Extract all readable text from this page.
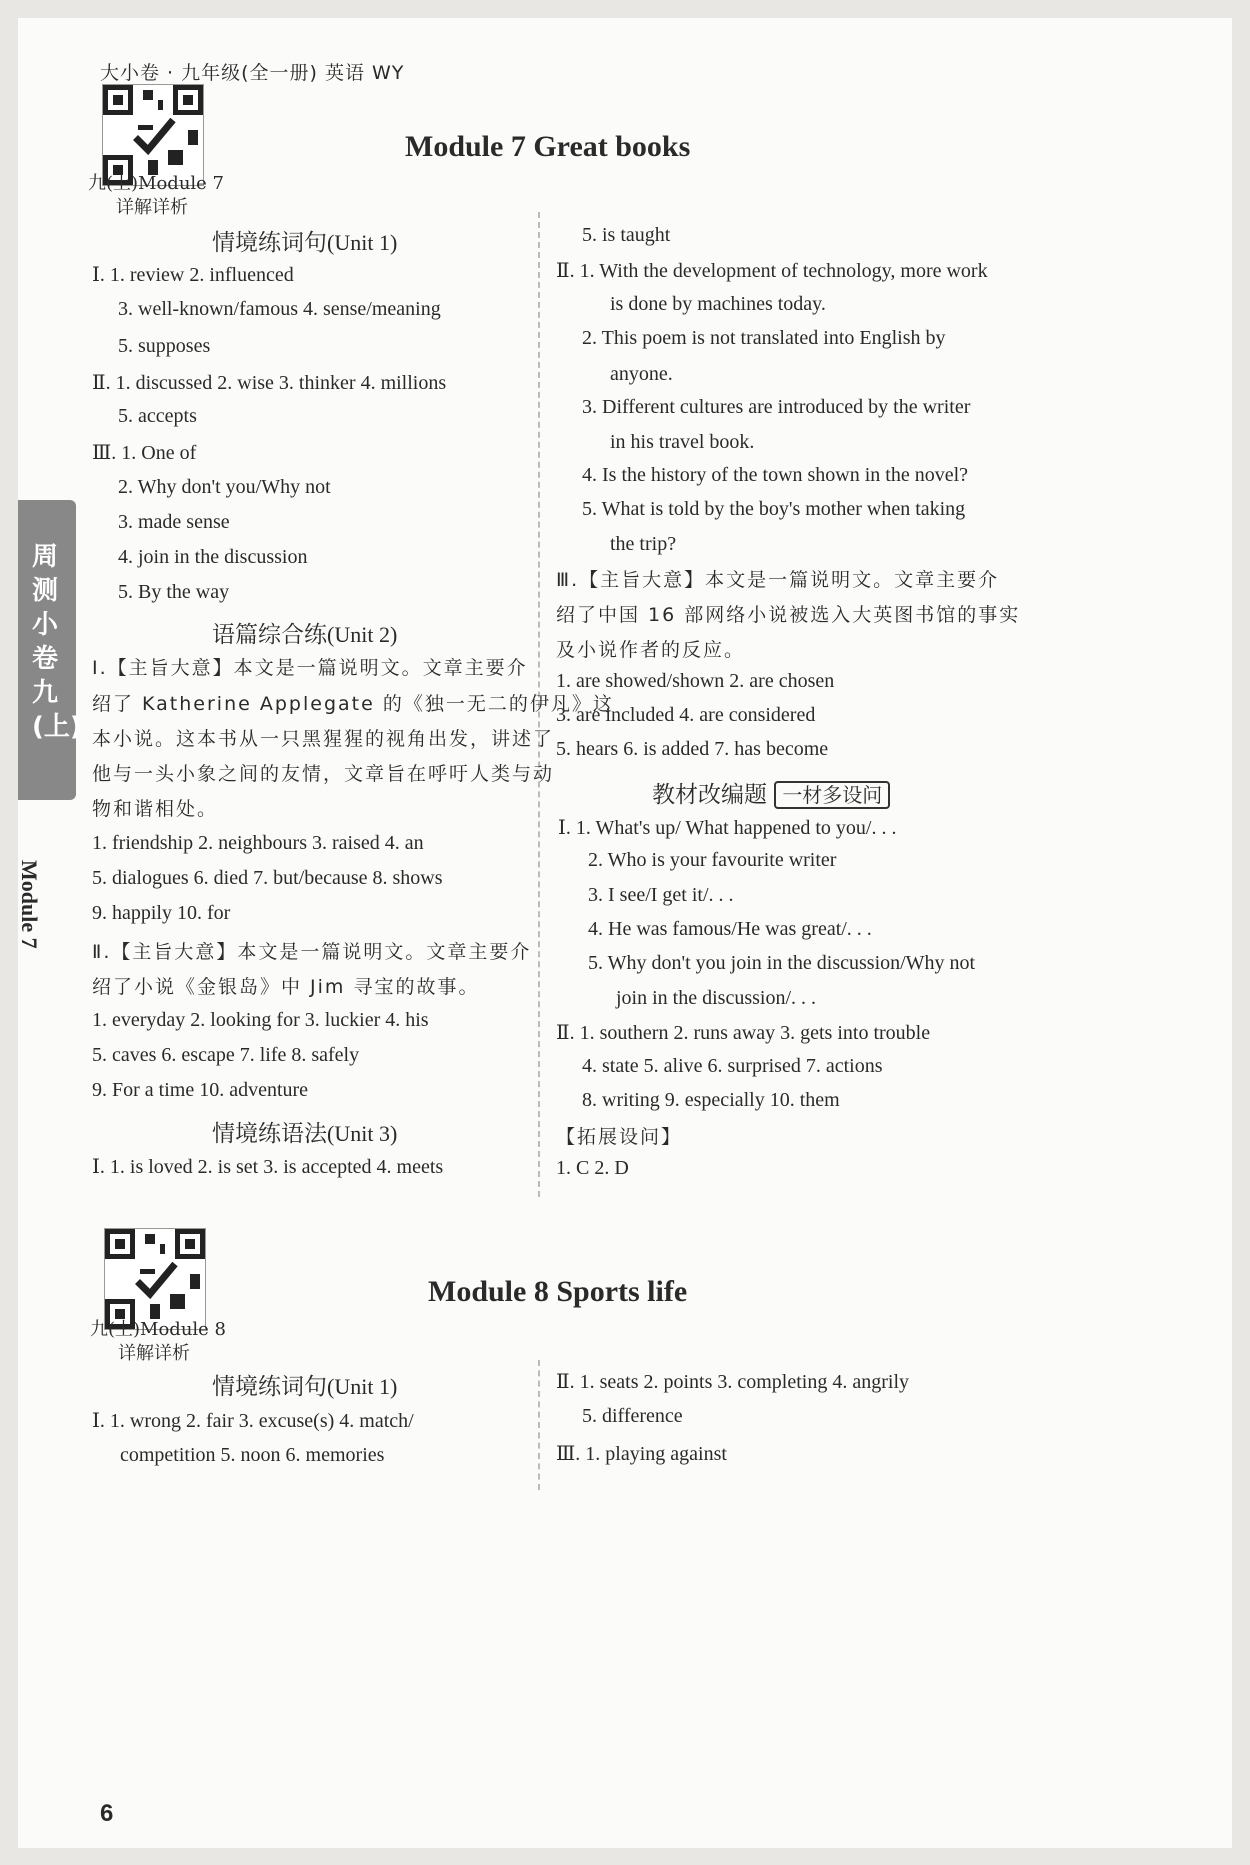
大小卷 · 九年级(全一册) 英语 WY
周测小卷九(上)
Module 7
九(上)Module 7
详解详析
Module 7 Great books
情境练词句(Unit 1)
Ⅰ. 1. review 2. influenced
3. well-known/famous 4. sense/meaning
5. supposes
Ⅱ. 1. discussed 2. wise 3. thinker 4. millions
5. accepts
Ⅲ. 1. One of
2. Why don't you/Why not
3. made sense
4. join in the discussion
5. By the way
语篇综合练(Unit 2)
Ⅰ.【主旨大意】本文是一篇说明文。文章主要介
绍了 Katherine Applegate 的《独一无二的伊凡》这
本小说。这本书从一只黑猩猩的视角出发，讲述了
他与一头小象之间的友情，文章旨在呼吁人类与动
物和谐相处。
1. friendship 2. neighbours 3. raised 4. an
5. dialogues 6. died 7. but/because 8. shows
9. happily 10. for
Ⅱ.【主旨大意】本文是一篇说明文。文章主要介
绍了小说《金银岛》中 Jim 寻宝的故事。
1. everyday 2. looking for 3. luckier 4. his
5. caves 6. escape 7. life 8. safely
9. For a time 10. adventure
情境练语法(Unit 3)
Ⅰ. 1. is loved 2. is set 3. is accepted 4. meets
5. is taught
Ⅱ. 1. With the development of technology, more work
is done by machines today.
2. This poem is not translated into English by
anyone.
3. Different cultures are introduced by the writer
in his travel book.
4. Is the history of the town shown in the novel?
5. What is told by the boy's mother when taking
the trip?
Ⅲ.【主旨大意】本文是一篇说明文。文章主要介
绍了中国 16 部网络小说被选入大英图书馆的事实
及小说作者的反应。
1. are showed/shown 2. are chosen
3. are included 4. are considered
5. hears 6. is added 7. has become
教材改编题 一材多设问
Ⅰ. 1. What's up/ What happened to you/. . .
2. Who is your favourite writer
3. I see/I get it/. . .
4. He was famous/He was great/. . .
5. Why don't you join in the discussion/Why not
join in the discussion/. . .
Ⅱ. 1. southern 2. runs away 3. gets into trouble
4. state 5. alive 6. surprised 7. actions
8. writing 9. especially 10. them
【拓展设问】
1. C 2. D
九(上)Module 8
详解详析
Module 8 Sports life
情境练词句(Unit 1)
Ⅰ. 1. wrong 2. fair 3. excuse(s) 4. match/
competition 5. noon 6. memories
Ⅱ. 1. seats 2. points 3. completing 4. angrily
5. difference
Ⅲ. 1. playing against
6
